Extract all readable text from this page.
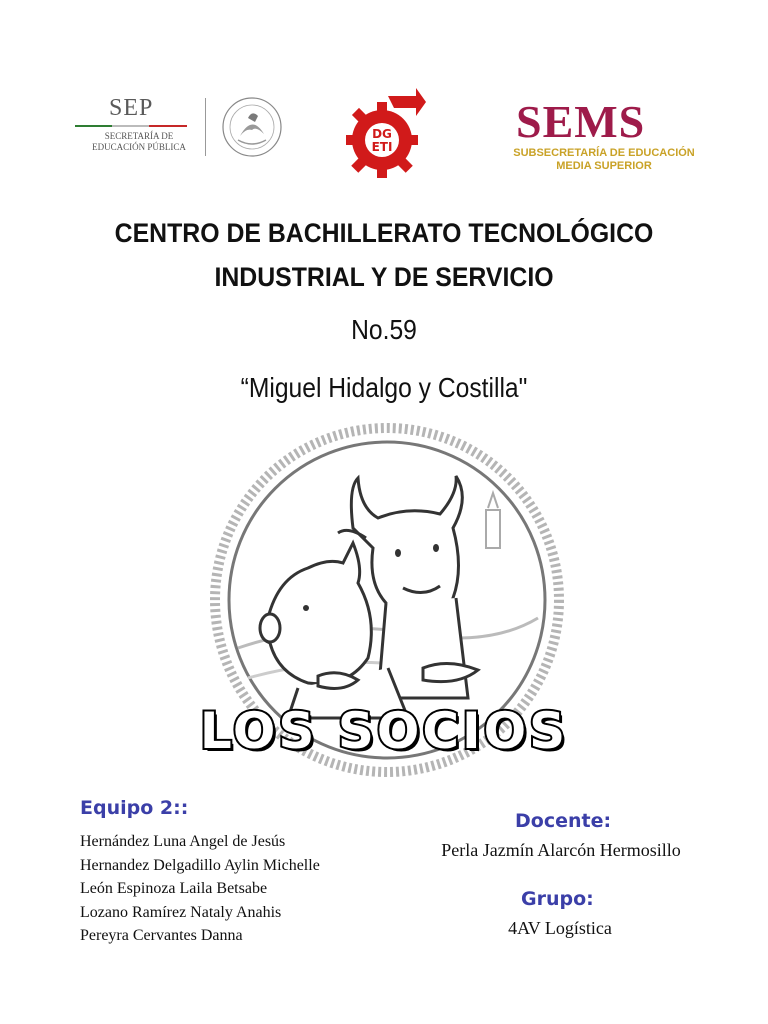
SEP
SECRETARÍA DE
EDUCACIÓN PÚBLICA
DG
ETI	SEMS
SUBSECRETARÍA DE EDUCACIÓN
MEDIA SUPERIOR
CENTRO DE BACHILLERATO TECNOLÓGICO
INDUSTRIAL Y DE SERVICIO
No.59
“Miguel Hidalgo y Costilla"
LOS SOCIOS
Equipo 2::
Hernández Luna Angel de Jesús
Hernandez Delgadillo Aylin Michelle
León Espinoza Laila Betsabe
Lozano Ramírez Nataly Anahis
Pereyra Cervantes Danna
Docente:
Perla Jazmín Alarcón Hermosillo
Grupo:
4AV Logística
